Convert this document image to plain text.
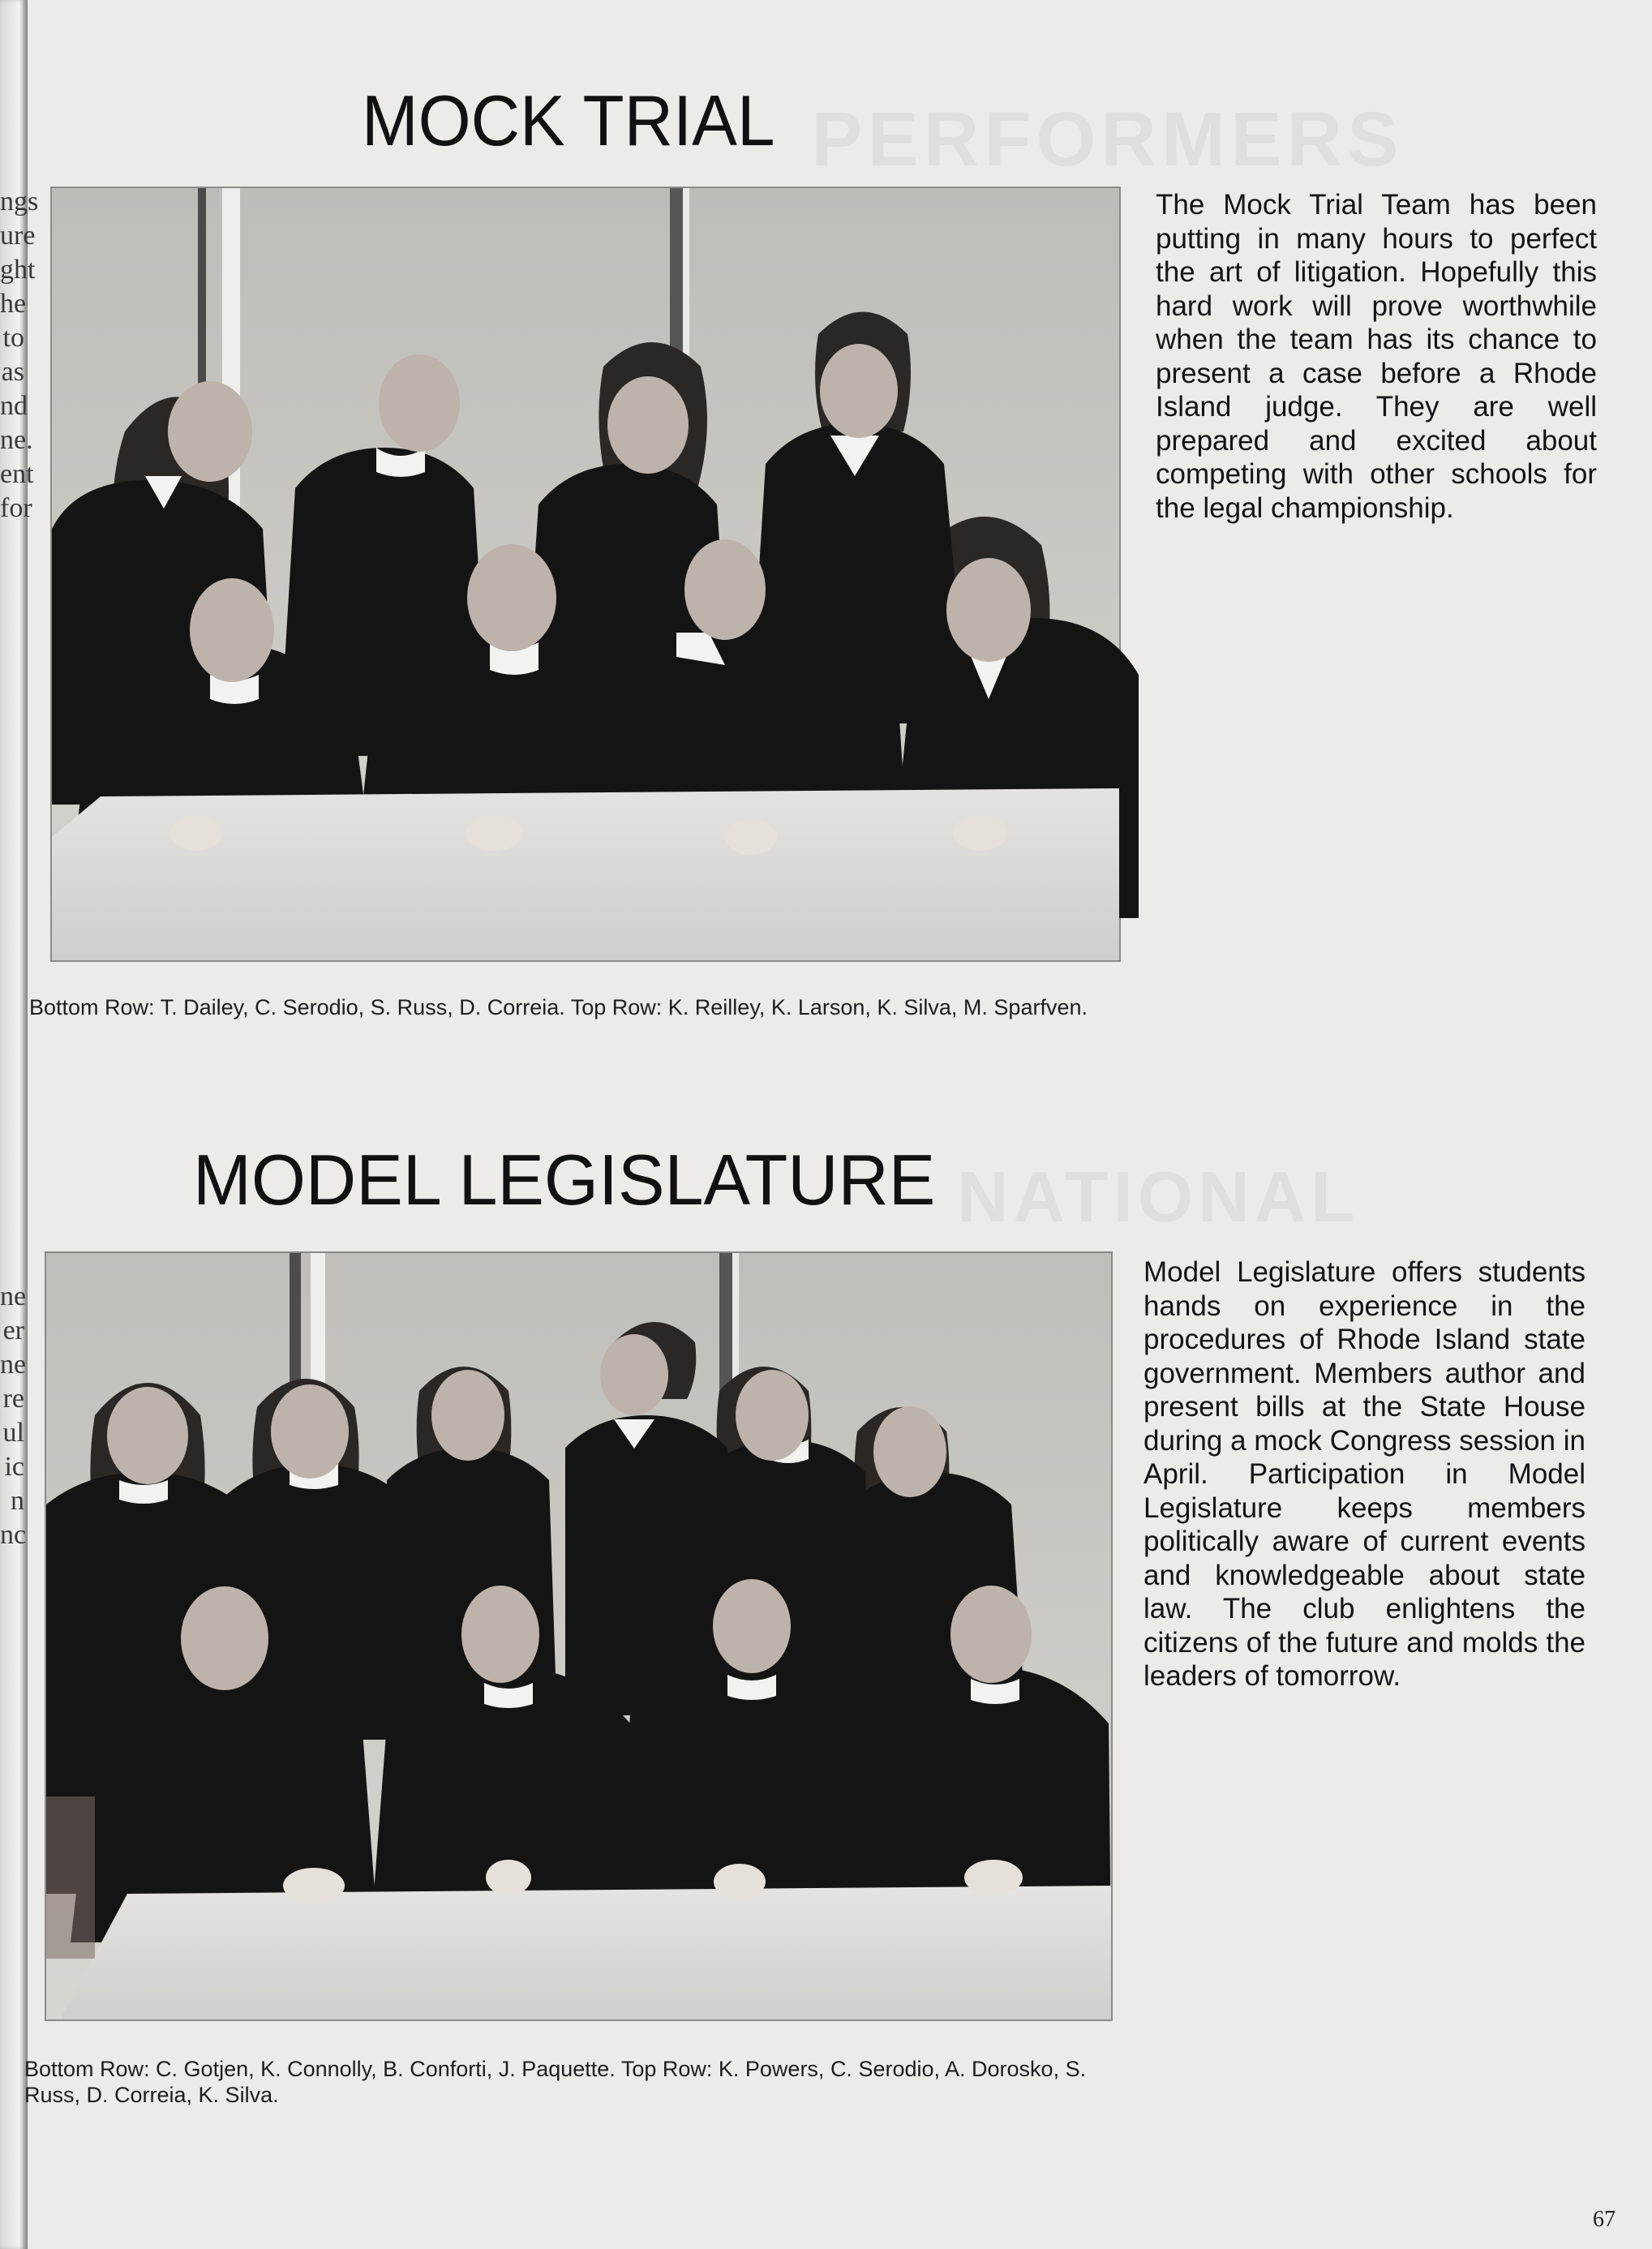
ngs
ure
ght
he
to
as
nd
ne.
ent
for
ne
er
ne
re
ul
ic
n
nc
PERFORMERS
NATIONAL
MOCK TRIAL

Bottom Row: T. Dailey, C. Serodio, S. Russ, D. Correia. Top Row: K. Reilley, K. Larson, K. Silva, M. Sparfven.

The Mock Trial Team has been putting in many hours to perfect the art of litigation. Hopefully this hard work will prove worthwhile when the team has its chance to present a case before a Rhode Island judge. They are well prepared and excited about competing with other schools for the legal championship.

MODEL LEGISLATURE

Bottom Row: C. Gotjen, K. Connolly, B. Conforti, J. Paquette. Top Row: K. Powers, C. Serodio, A. Dorosko, S. Russ, D. Correia, K. Silva.

Model Legislature offers students hands on experience in the procedures of Rhode Island state government. Members author and present bills at the State House during a mock Congress session in April. Participation in Model Legislature keeps members politically aware of current events and knowledgeable about state law. The club enlightens the citizens of the future and molds the leaders of tomorrow.

67
